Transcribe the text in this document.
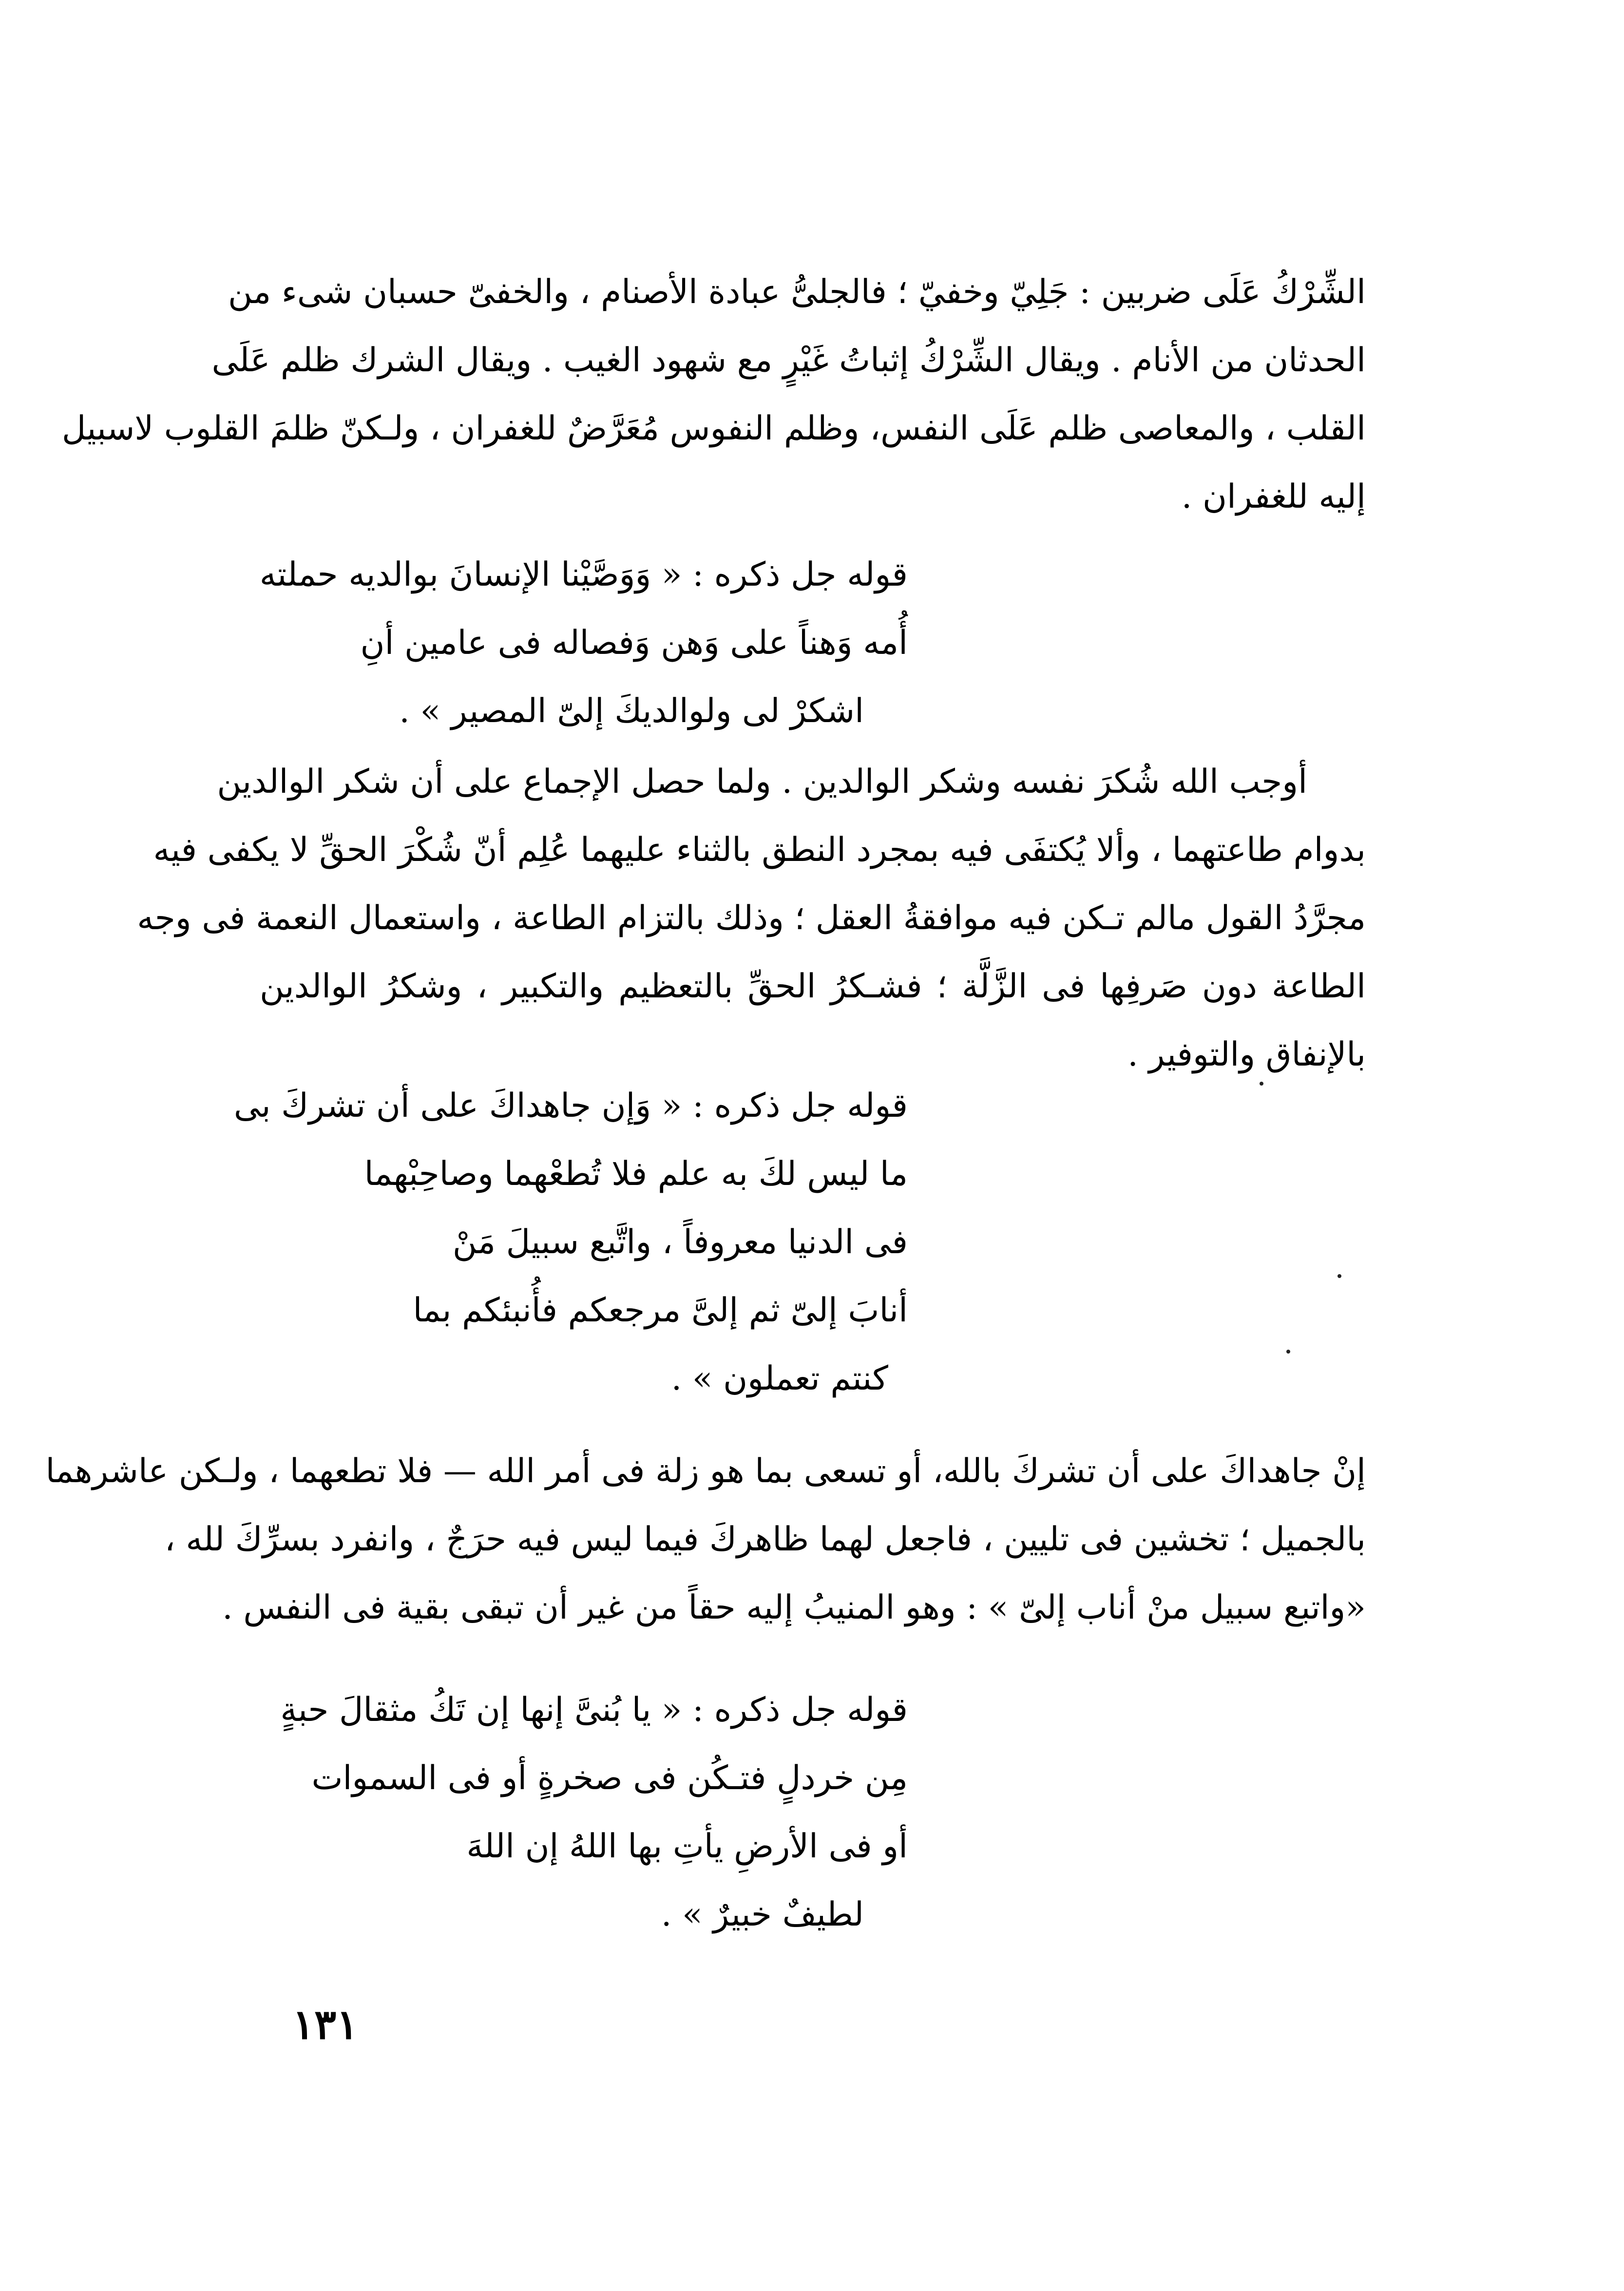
الشِّرْكُ عَلَى ضربين : جَلِيّ وخفيّ ؛ فالجلىُّ عبادة الأصنام ، والخفىّ حسبان شىء من
الحدثان من الأنام . ويقال الشِّرْكُ إثباتُ غَيْرٍ مع شهود الغيب . ويقال الشرك ظلم عَلَى
القلب ، والمعاصى ظلم عَلَى النفس، وظلم النفوس مُعَرَّضٌ للغفران ، ولـكنّ ظلمَ القلوب لاسبيل
إليه للغفران .
قوله جل ذكره : « وَوَصَّيْنا الإنسانَ بوالديه حملته
أُمه وَهناً على وَهن وَفصاله فى عامين أنِ
اشكرْ لى ولوالديكَ إلىّ المصير » .
أوجب الله شُكرَ نفسه وشكر الوالدين . ولما حصل الإجماع على أن شكر الوالدين
بدوام طاعتهما ، وألا يُكتفَى فيه بمجرد النطق بالثناء عليهما عُلِم أنّ شُكْرَ الحقِّ لا يكفى فيه
مجرَّدُ القول مالم تـكن فيه موافقةُ العقل ؛ وذلك بالتزام الطاعة ، واستعمال النعمة فى وجه
الطاعة دون صَرفِها فى الزَّلَّة ؛ فشـكرُ الحقِّ بالتعظيم والتكبير ، وشكرُ الوالدين
بالإنفاق والتوفير .
قوله جل ذكره : « وَإن جاهداكَ على أن تشركَ بى
ما ليس لكَ به علم فلا تُطعْهما وصاحِبْهما
فى الدنيا معروفاً ، واتَّبع سبيلَ مَنْ
أنابَ إلىّ ثم إلىَّ مرجعكم فأُنبئكم بما
كنتم تعملون » .
إنْ جاهداكَ على أن تشركَ بالله، أو تسعى بما هو زلة فى أمر الله — فلا تطعهما ، ولـكن عاشرهما
بالجميل ؛ تخشين فى تليين ، فاجعل لهما ظاهركَ فيما ليس فيه حرَجٌ ، وانفرد بسرِّكَ لله ،
«واتبع سبيل منْ أناب إلىّ » : وهو المنيبُ إليه حقاً من غير أن تبقى بقية فى النفس .
قوله جل ذكره : « يا بُنىَّ إنها إن تَكُ مثقالَ حبةٍ
مِن خردلٍ فتـكُن فى صخرةٍ أو فى السموات
أو فى الأرضِ يأتِ بها اللهُ إن اللهَ
لطيفٌ خبيرٌ » .
١٣١
